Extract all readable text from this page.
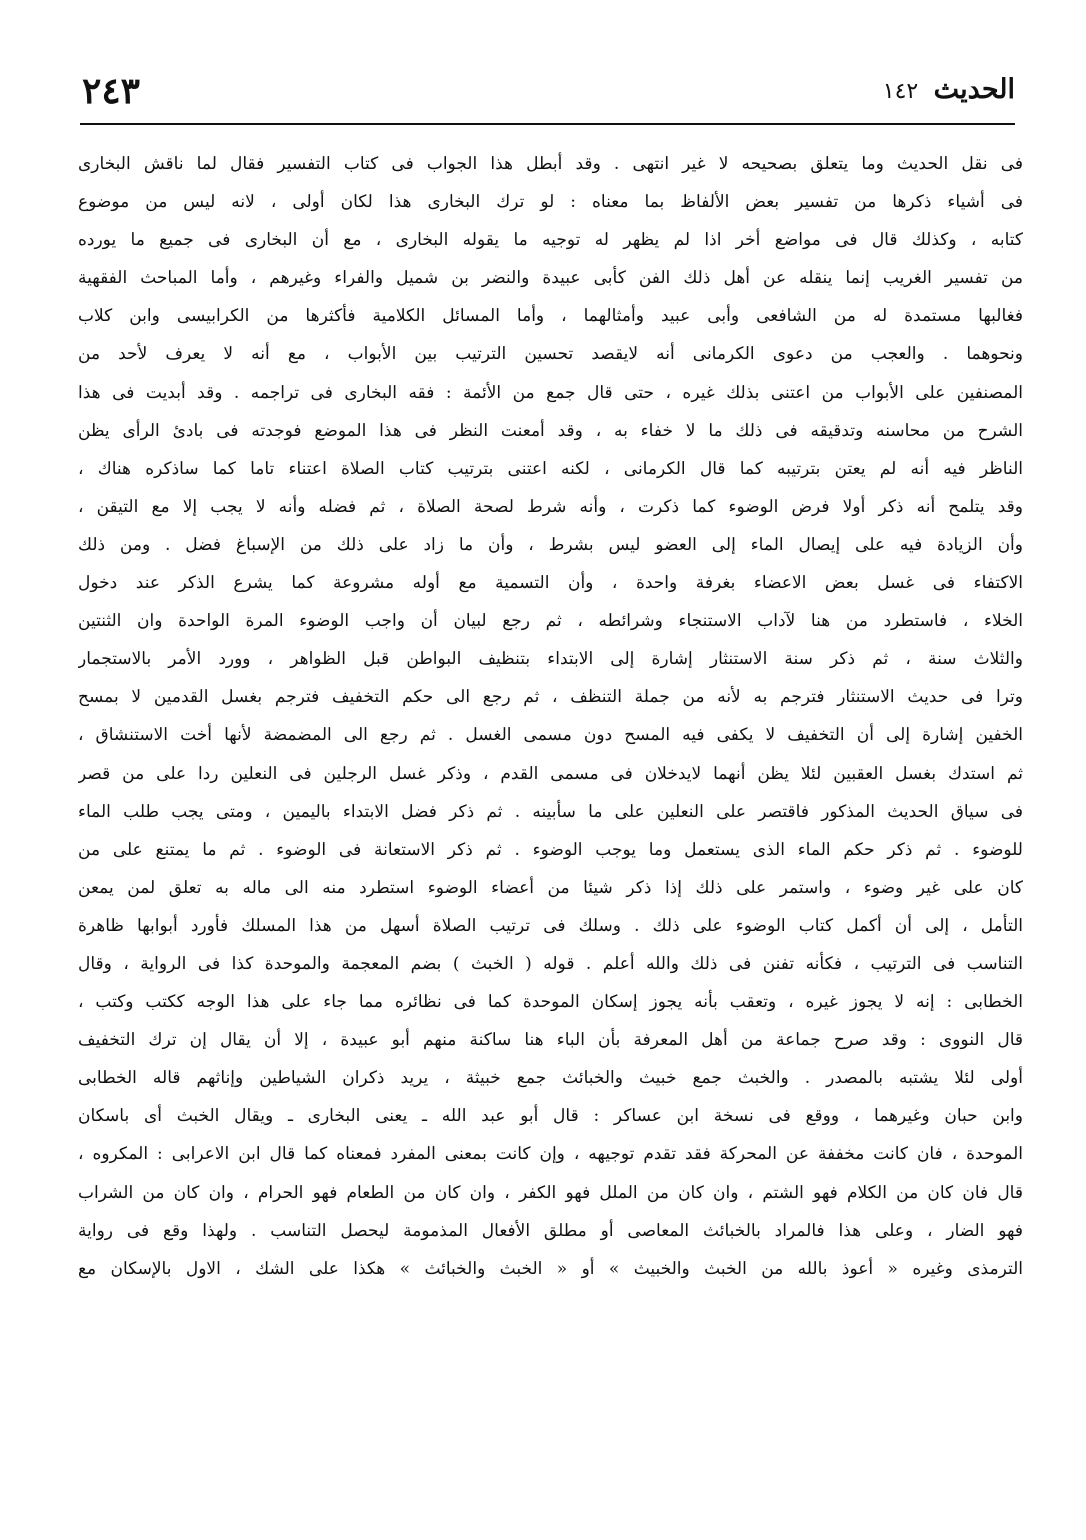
الحديث ١٤٢
٢٤٣
فى نقل الحديث وما يتعلق بصحيحه لا غير انتهى . وقد أبطل هذا الجواب فى كتاب التفسير فقال لما ناقش البخارى
فى أشياء ذكرها من تفسير بعض الألفاظ بما معناه : لو ترك البخارى هذا لكان أولى ، لانه ليس من موضوع
كتابه ، وكذلك قال فى مواضع أخر اذا لم يظهر له توجيه ما يقوله البخارى ، مع أن البخارى فى جميع ما يورده
من تفسير الغريب إنما ينقله عن أهل ذلك الفن كأبى عبيدة والنضر بن شميل والفراء وغيرهم ، وأما المباحث الفقهية
فغالبها مستمدة له من الشافعى وأبى عبيد وأمثالهما ، وأما المسائل الكلامية فأكثرها من الكرابيسى وابن كلاب
ونحوهما . والعجب من دعوى الكرمانى أنه لايقصد تحسين الترتيب بين الأبواب ، مع أنه لا يعرف لأحد من
المصنفين على الأبواب من اعتنى بذلك غيره ، حتى قال جمع من الأئمة : فقه البخارى فى تراجمه . وقد أبديت فى هذا
الشرح من محاسنه وتدقيقه فى ذلك ما لا خفاء به ، وقد أمعنت النظر فى هذا الموضع فوجدته فى بادئ الرأى يظن
الناظر فيه أنه لم يعتن بترتيبه كما قال الكرمانى ، لكنه اعتنى بترتيب كتاب الصلاة اعتناء تاما كما ساذكره هناك ،
وقد يتلمح أنه ذكر أولا فرض الوضوء كما ذكرت ، وأنه شرط لصحة الصلاة ، ثم فضله وأنه لا يجب إلا مع التيقن ،
وأن الزيادة فيه على إيصال الماء إلى العضو ليس بشرط ، وأن ما زاد على ذلك من الإسباغ فضل . ومن ذلك
الاكتفاء فى غسل بعض الاعضاء بغرفة واحدة ، وأن التسمية مع أوله مشروعة كما يشرع الذكر عند دخول
الخلاء ، فاستطرد من هنا لآداب الاستنجاء وشرائطه ، ثم رجع لبيان أن واجب الوضوء المرة الواحدة وان الثنتين
والثلاث سنة ، ثم ذكر سنة الاستنثار إشارة إلى الابتداء بتنظيف البواطن قبل الظواهر ، وورد الأمر بالاستجمار
وترا فى حديث الاستنثار فترجم به لأنه من جملة التنظف ، ثم رجع الى حكم التخفيف فترجم بغسل القدمين لا بمسح
الخفين إشارة إلى أن التخفيف لا يكفى فيه المسح دون مسمى الغسل . ثم رجع الى المضمضة لأنها أخت الاستنشاق ،
ثم استدك بغسل العقبين لئلا يظن أنهما لايدخلان فى مسمى القدم ، وذكر غسل الرجلين فى النعلين ردا على من قصر
فى سياق الحديث المذكور فاقتصر على النعلين على ما سأبينه . ثم ذكر فضل الابتداء باليمين ، ومتى يجب طلب الماء
للوضوء . ثم ذكر حكم الماء الذى يستعمل وما يوجب الوضوء . ثم ذكر الاستعانة فى الوضوء . ثم ما يمتنع على من
كان على غير وضوء ، واستمر على ذلك إذا ذكر شيئا من أعضاء الوضوء استطرد منه الى ماله به تعلق لمن يمعن
التأمل ، إلى أن أكمل كتاب الوضوء على ذلك . وسلك فى ترتيب الصلاة أسهل من هذا المسلك فأورد أبوابها ظاهرة
التناسب فى الترتيب ، فكأنه تفنن فى ذلك والله أعلم . قوله ( الخبث ) بضم المعجمة والموحدة كذا فى الرواية ، وقال
الخطابى : إنه لا يجوز غيره ، وتعقب بأنه يجوز إسكان الموحدة كما فى نظائره مما جاء على هذا الوجه ككتب وكتب ،
قال النووى : وقد صرح جماعة من أهل المعرفة بأن الباء هنا ساكنة منهم أبو عبيدة ، إلا أن يقال إن ترك التخفيف
أولى لئلا يشتبه بالمصدر . والخبث جمع خبيث والخبائث جمع خبيثة ، يريد ذكران الشياطين وإناثهم قاله الخطابى
وابن حبان وغيرهما ، ووقع فى نسخة ابن عساكر : قال أبو عبد الله ـ يعنى البخارى ـ ويقال الخبث أى باسكان
الموحدة ، فان كانت مخففة عن المحركة فقد تقدم توجيهه ، وإن كانت بمعنى المفرد فمعناه كما قال ابن الاعرابى : المكروه ،
قال فان كان من الكلام فهو الشتم ، وان كان من الملل فهو الكفر ، وان كان من الطعام فهو الحرام ، وان كان من الشراب
فهو الضار ، وعلى هذا فالمراد بالخبائث المعاصى أو مطلق الأفعال المذمومة ليحصل التناسب . ولهذا وقع فى رواية
الترمذى وغيره « أعوذ بالله من الخبث والخبيث » أو « الخبث والخبائث » هكذا على الشك ، الاول بالإسكان مع
